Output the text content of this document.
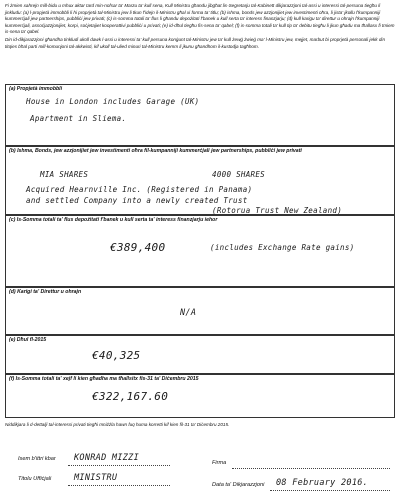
Fi żmien xahrejn mill-bidu u mhux aktar tard min-nofsar ta' Marzu ta' kull sena, Kull Ministru għandu jibgħat lis-Segretarju tal-Kabinett dikjarazzjoni tal-assi u interessi tal-persuna tiegħu li jinkludu: (a) l-propjetà immobbli li hi proprjetà tal-Ministru jew li tkun f'idejn il-Ministru għal xi forma ta' titlu; (b) ishma, bonds jew azzjonijiet jew investimenti oħra, li jista' jkollu f'kumpanniji kummerċjali jew partnerships, pubbliċi jew privati; (c) is-somma totali ta' flus li għandu depożitati f'banek u kull serta ta' interess finanzjarju; (d) kull karigu ta' direttur u ohrajn f'kumpanniji kummerċjali, assoċjazzjonijiet, korpi, soċjetajiet kooperattivi pubbliċi u privati; (e) id-dħul tiegħu fis-sena ta' qabel; (f) is-somma totali ta' kull tip ta' debitu tiegħu li jkun għadu ma tħallasx fi tmiem is-sena ta' qabel.

Din id-dikjarazzjoni għandha tinkludi ukoll dawk l-assi u interessi ta' kull persuna konġunt tal-Ministru jew ta' kull żewġ żwieġ ma' l-Ministru jew, mejjet, marbut bi proprjetà personali jekk din titqies bħal parti mill-komunjoni tal-akkwisti, kif ukoll tal-ulied minuri tal-Ministru kemm li jkunu għandhom il-kustodja tagħhom.

(a) Propjetà immobbli
House in London includes Garage (UK)
Apartment in Sliema.
(b) Ishma, Bonds, jew azzjonijiet jew investimenti oħra fil-kumpanniji kummerċjali jew partnerships, pubbliċi jew privati
MIA SHARES	4000 SHARES
Acquired Hearnville Inc. (Registered in Panama)
and settled Company into a newly created Trust
(Rotorua Trust New Zealand)
(c) Is-Somma totali ta' flus depożitati f'banek u kull serta ta' interess finanzjarju iehor
€389,400	(includes Exchange Rate gains)
(d) Karigi ta' Direttur u ohrajn
N/A
(e) Dħul fl-2015
€40,325
(f) Is-Somma totali ta' xejf li kien għadha ma tħallsitx fis-31 ta' Diċembru 2015
€322,167.60
Niddikjara li d-dettalji tal-interessi privati tiegħi mniżżla hawn fuq huma korretti kif kien fil-31 ta' Diċembru 2015.
Isem b'ittri kbar KONRAD MIZZI
Titolu Uffiċjali	MINISTRU
Firma
Data ta' Dikjarazzjoni 08 February 2016.
